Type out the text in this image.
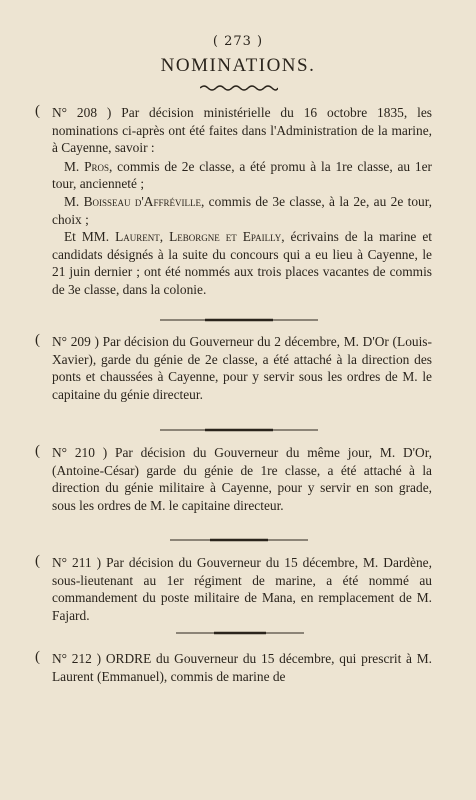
( 273 )
NOMINATIONS.

( N° 208 ) Par décision ministérielle du 16 octobre 1835, les nominations ci-après ont été faites dans l'Administration de la marine, à Cayenne, savoir :

M. Pros, commis de 2e classe, a été promu à la 1re classe, au 1er tour, ancienneté ;

M. Boisseau d'Affréville, commis de 3e classe, à la 2e, au 2e tour, choix ;

Et MM. Laurent, Leborgne et Epailly, écrivains de la marine et candidats désignés à la suite du concours qui a eu lieu à Cayenne, le 21 juin dernier ; ont été nommés aux trois places vacantes de commis de 3e classe, dans la colonie.

( N° 209 ) Par décision du Gouverneur du 2 décembre, M. D'Or (Louis-Xavier), garde du génie de 2e classe, a été attaché à la direction des ponts et chaussées à Cayenne, pour y servir sous les ordres de M. le capitaine du génie directeur.

( N° 210 ) Par décision du Gouverneur du même jour, M. D'Or, (Antoine-César) garde du génie de 1re classe, a été attaché à la direction du génie militaire à Cayenne, pour y servir en son grade, sous les ordres de M. le capitaine directeur.

( N° 211 ) Par décision du Gouverneur du 15 décembre, M. Dardène, sous-lieutenant au 1er régiment de marine, a été nommé au commandement du poste militaire de Mana, en remplacement de M. Fajard.

( N° 212 ) ORDRE du Gouverneur du 15 décembre, qui prescrit à M. Laurent (Emmanuel), commis de marine de
